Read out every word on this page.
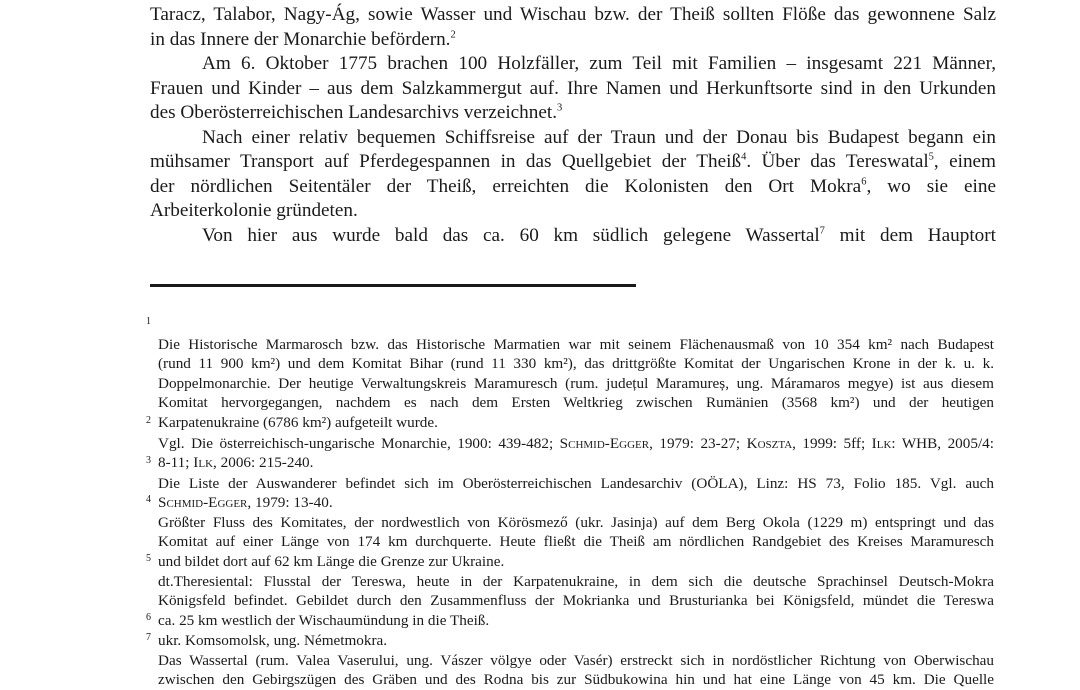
Taracz, Talabor, Nagy-Ág, sowie Wasser und Wischau bzw. der Theiß sollten Flöße das gewonnene Salz
in das Innere der Monarchie befördern.$^2$
Am 6. Oktober 1775 brachen 100 Holzfäller, zum Teil mit Familien – insgesamt 221 Männer,
Frauen und Kinder – aus dem Salzkammergut auf. Ihre Namen und Herkunftsorte sind in den Urkunden
des Oberösterreichischen Landesarchivs verzeichnet.$^3$
Nach einer relativ bequemen Schiffsreise auf der Traun und der Donau bis Budapest begann ein
mühsamer Transport auf Pferdegespannen in das Quellgebiet der Theiß$^4$. Über das Tereswatal$^5$, einem
der nördlichen Seitentäler der Theiß, erreichten die Kolonisten den Ort Mokra$^6$, wo sie eine
Arbeiterkolonie gründeten.
Von hier aus wurde bald das ca. 60 km südlich gelegene Wassertal$^7$ mit dem Hauptort
1
Die Historische Marmarosch bzw. das Historische Marmatien war mit seinem Flächenausmaß von 10 354 km² nach Budapest
(rund 11 900 km²) und dem Komitat Bihar (rund 11 330 km²), das drittgrößte Komitat der Ungarischen Krone in der k. u. k.
Doppelmonarchie. Der heutige Verwaltungskreis Maramuresch (rum. județul Maramureș, ung. Máramaros megye) ist aus diesem
Komitat hervorgegangen, nachdem es nach dem Ersten Weltkrieg zwischen Rumänien (3568 km²) und der heutigen
Karpatenukraine (6786 km²) aufgeteilt wurde.
2
Vgl. Die österreichisch-ungarische Monarchie, 1900: 439-482; Schmid-Egger, 1979: 23-27; Koszta, 1999: 5ff; Ilk: WHB, 2005/4:
8-11; Ilk, 2006: 215-240.
3
Die Liste der Auswanderer befindet sich im Oberösterreichischen Landesarchiv (OÖLA), Linz: HS 73, Folio 185. Vgl. auch
Schmid-Egger, 1979: 13-40.
4
Größter Fluss des Komitates, der nordwestlich von Körösmező (ukr. Jasinja) auf dem Berg Okola (1229 m) entspringt und das
Komitat auf einer Länge von 174 km durchquerte. Heute fließt die Theiß am nördlichen Randgebiet des Kreises Maramuresch
und bildet dort auf 62 km Länge die Grenze zur Ukraine.
5
dt.Theresiental: Flusstal der Tereswa, heute in der Karpatenukraine, in dem sich die deutsche Sprachinsel Deutsch-Mokra
Königsfeld befindet. Gebildet durch den Zusammenfluss der Mokrianka und Brusturianka bei Königsfeld, mündet die Tereswa
ca. 25 km westlich der Wischaumündung in die Theiß.
6
ukr. Komsomolsk, ung. Németmokra.
7
Das Wassertal (rum. Valea Vaserului, ung. Vászer völgye oder Vasér) erstreckt sich in nordöstlicher Richtung von Oberwischau
zwischen den Gebirgszügen des Gräben und des Rodna bis zur Südbukowina hin und hat eine Länge von 45 km. Die Quelle
